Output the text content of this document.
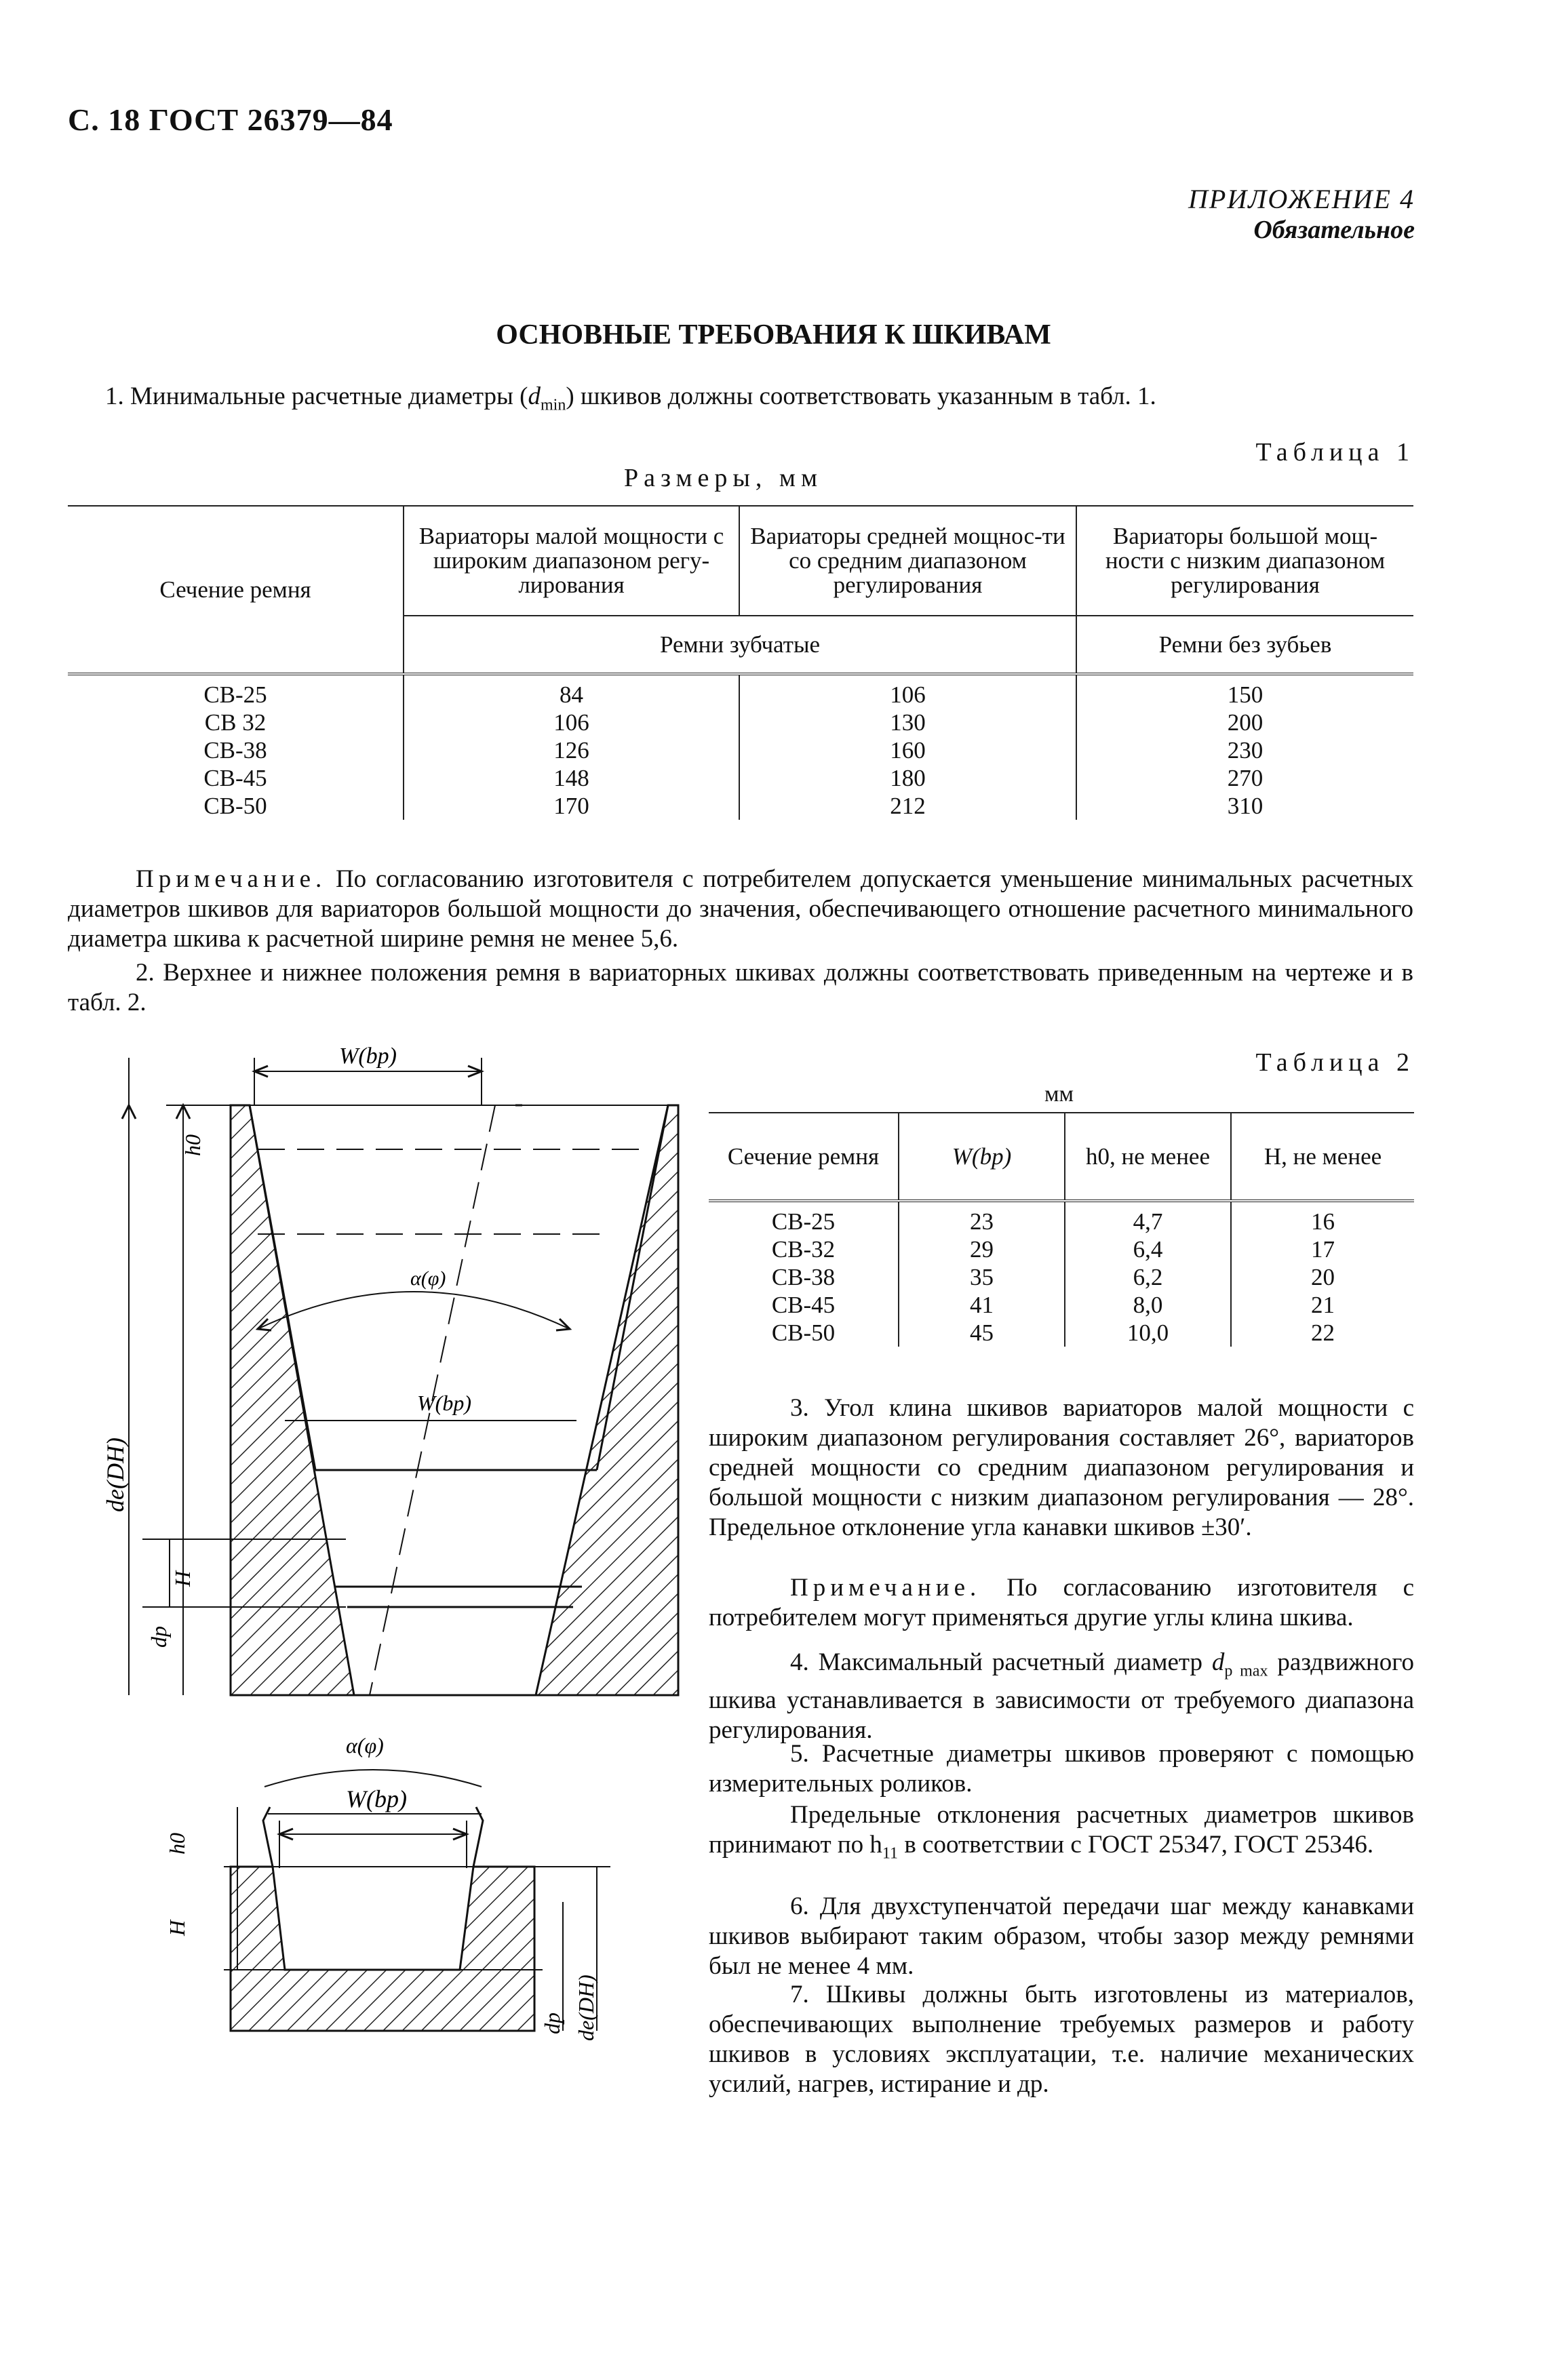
С. 18 ГОСТ 26379—84
ПРИЛОЖЕНИЕ 4
Обязательное
ОСНОВНЫЕ ТРЕБОВАНИЯ К ШКИВАМ
1. Минимальные расчетные диаметры $(d_{min})$ шкивов должны соответствовать указанным в табл. 1.
Таблица 1
Размеры, мм
Сечение ремня	Вариаторы малой мощности с широким диапазоном регу-лирования	Вариаторы средней мощнос-ти со средним диапазоном регулирования	Вариаторы большой мощ-ности с низким диапазоном регулирования
	Ремни зубчатые		Ремни без зубьев

СВ-25	84	106	150
СВ 32	106	130	200
СВ-38	126	160	230
СВ-45	148	180	270
СВ-50	170	212	310
Примечание. По согласованию изготовителя с потребителем допускается уменьшение минимальных расчетных диаметров шкивов для вариаторов большой мощности до значения, обеспечивающего отношение расчетного минимального диаметра шкива к расчетной ширине ремня не менее 5,6.
2. Верхнее и нижнее положения ремня в вариаторных шкивах должны соответствовать приведенным на чертеже и в табл. 2.
W(bp)
α(φ)
W(bp)
h0
de(DH)
H
dp
α(φ)
W(bp)
h0
H
dp de(DH)
Таблица 2
мм
Сечение ремня	W(bp)	h0, не менее	H, не менее

СВ-25	23	4,7	16
СВ-32	29	6,4	17
СВ-38	35	6,2	20
СВ-45	41	8,0	21
СВ-50	45	10,0	22
3. Угол клина шкивов вариаторов малой мощности с широким диапазоном регулирования составляет 26°, вариаторов средней мощности со средним диапазоном регулирования и большой мощности с низким диапазоном регулирования — 28°. Предельное отклонение угла канавки шкивов ±30′.
Примечание. По согласованию изготовителя с потребителем могут применяться другие углы клина шкива.
4. Максимальный расчетный диаметр $d_{p max}$ раздвижного шкива устанавливается в зависимости от требуемого диапазона регулирования.
5. Расчетные диаметры шкивов проверяют с помощью измерительных роликов.
Предельные отклонения расчетных диаметров шкивов принимают по $h_{11}$ в соответствии с ГОСТ 25347, ГОСТ 25346.
6. Для двухступенчатой передачи шаг между канавками шкивов выбирают таким образом, чтобы зазор между ремнями был не менее 4 мм.
7. Шкивы должны быть изготовлены из материалов, обеспечивающих выполнение требуемых размеров и работу шкивов в условиях эксплуатации, т.е. наличие механических усилий, нагрев, истирание и др.
